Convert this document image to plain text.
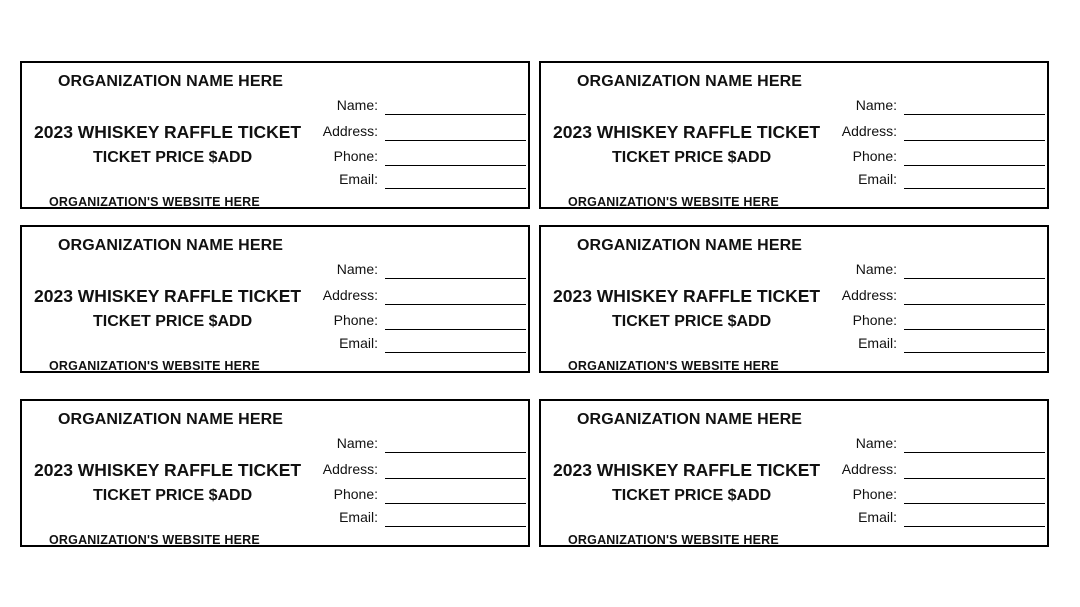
ORGANIZATION NAME HERE
2023 WHISKEY RAFFLE TICKET
TICKET PRICE $ADD
ORGANIZATION'S WEBSITE HERE
Name:
Address:
Phone:
Email:
ORGANIZATION NAME HERE
2023 WHISKEY RAFFLE TICKET
TICKET PRICE $ADD
ORGANIZATION'S WEBSITE HERE
Name:
Address:
Phone:
Email:
ORGANIZATION NAME HERE
2023 WHISKEY RAFFLE TICKET
TICKET PRICE $ADD
ORGANIZATION'S WEBSITE HERE
Name:
Address:
Phone:
Email:
ORGANIZATION NAME HERE
2023 WHISKEY RAFFLE TICKET
TICKET PRICE $ADD
ORGANIZATION'S WEBSITE HERE
Name:
Address:
Phone:
Email:
ORGANIZATION NAME HERE
2023 WHISKEY RAFFLE TICKET
TICKET PRICE $ADD
ORGANIZATION'S WEBSITE HERE
Name:
Address:
Phone:
Email:
ORGANIZATION NAME HERE
2023 WHISKEY RAFFLE TICKET
TICKET PRICE $ADD
ORGANIZATION'S WEBSITE HERE
Name:
Address:
Phone:
Email:
